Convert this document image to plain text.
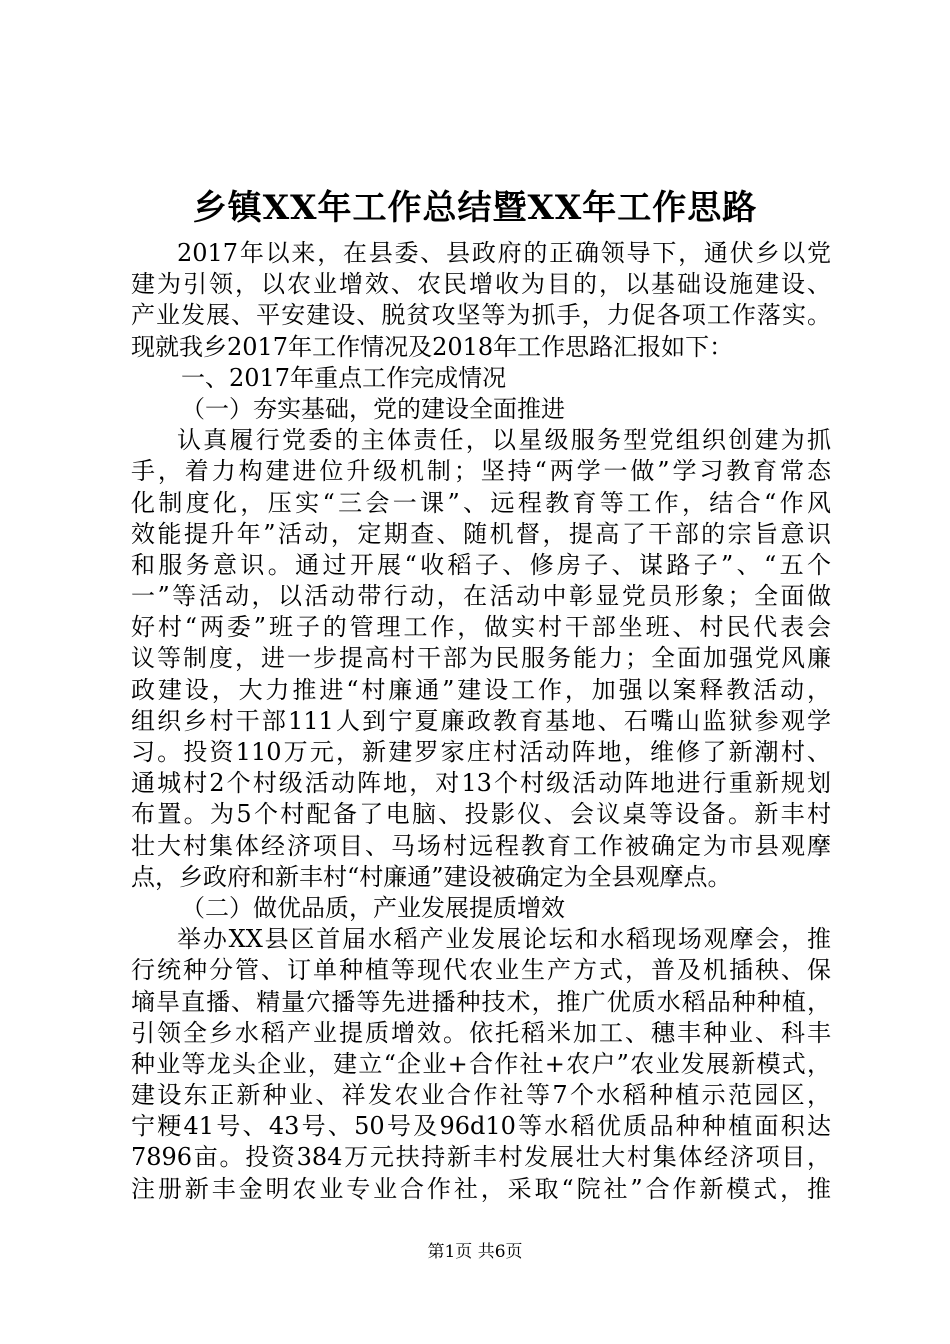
乡镇XX年工作总结暨XX年工作思路
2017年以来，在县委、县政府的正确领导下，通伏乡以党
建为引领，以农业增效、农民增收为目的，以基础设施建设、
产业发展、平安建设、脱贫攻坚等为抓手，力促各项工作落实。
现就我乡2017年工作情况及2018年工作思路汇报如下：
一、2017年重点工作完成情况
（一）夯实基础，党的建设全面推进
认真履行党委的主体责任，以星级服务型党组织创建为抓
手，着力构建进位升级机制；坚持“两学一做”学习教育常态
化制度化，压实“三会一课”、远程教育等工作，结合“作风
效能提升年”活动，定期查、随机督，提高了干部的宗旨意识
和服务意识。通过开展“收稻子、修房子、谋路子”、“五个
一”等活动，以活动带行动，在活动中彰显党员形象；全面做
好村“两委”班子的管理工作，做实村干部坐班、村民代表会
议等制度，进一步提高村干部为民服务能力；全面加强党风廉
政建设，大力推进“村廉通”建设工作，加强以案释教活动，
组织乡村干部111人到宁夏廉政教育基地、石嘴山监狱参观学
习。投资110万元，新建罗家庄村活动阵地，维修了新潮村、
通城村2个村级活动阵地，对13个村级活动阵地进行重新规划
布置。为5个村配备了电脑、投影仪、会议桌等设备。新丰村
壮大村集体经济项目、马场村远程教育工作被确定为市县观摩
点，乡政府和新丰村“村廉通”建设被确定为全县观摩点。
（二）做优品质，产业发展提质增效
举办XX县区首届水稻产业发展论坛和水稻现场观摩会，推
行统种分管、订单种植等现代农业生产方式，普及机插秧、保
墒旱直播、精量穴播等先进播种技术，推广优质水稻品种种植，
引领全乡水稻产业提质增效。依托稻米加工、穗丰种业、科丰
种业等龙头企业，建立“企业+合作社+农户”农业发展新模式，
建设东正新种业、祥发农业合作社等7个水稻种植示范园区，
宁粳41号、43号、50号及96d10等水稻优质品种种植面积达
7896亩。投资384万元扶持新丰村发展壮大村集体经济项目，
注册新丰金明农业专业合作社，采取“院社”合作新模式，推
第1页 共6页
